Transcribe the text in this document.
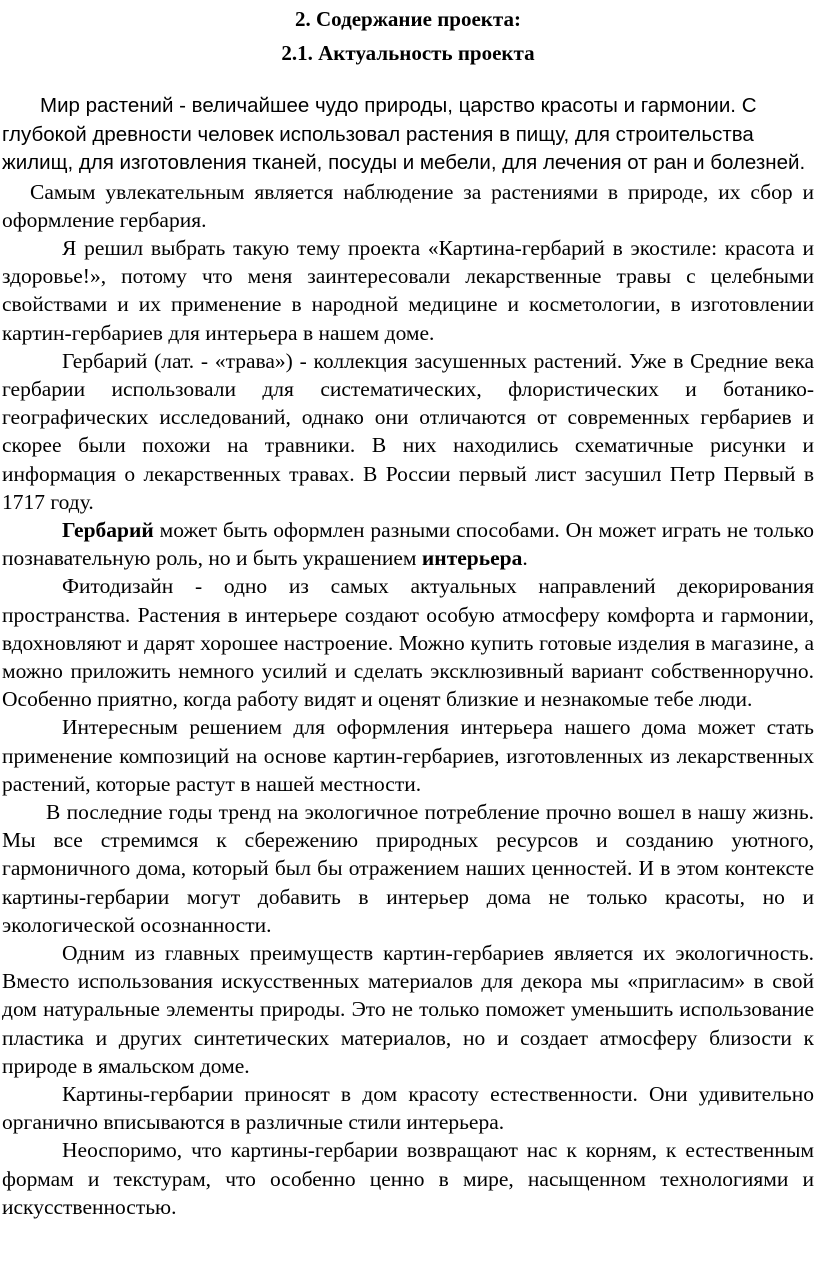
2. Содержание проекта:
2.1. Актуальность проекта

Мир растений - величайшее чудо природы, царство красоты и гармонии. С глубокой древности человек использовал растения в пищу, для строительства жилищ, для изготовления тканей, посуды и мебели, для лечения от ран и болезней.

Самым увлекательным является наблюдение за растениями в природе, их сбор и оформление гербария.

Я решил выбрать такую тему проекта «Картина-гербарий в экостиле: красота и здоровье!», потому что меня заинтересовали лекарственные травы с целебными свойствами и их применение в народной медицине и косметологии, в изготовлении картин-гербариев для интерьера в нашем доме.

Гербарий (лат. - «трава») - коллекция засушенных растений. Уже в Средние века гербарии использовали для систематических, флористических и ботанико-географических исследований, однако они отличаются от современных гербариев и скорее были похожи на травники. В них находились схематичные рисунки и информация о лекарственных травах. В России первый лист засушил Петр Первый в 1717 году.

Гербарий может быть оформлен разными способами. Он может играть не только познавательную роль, но и быть украшением интерьера.

Фитодизайн - одно из самых актуальных направлений декорирования пространства. Растения в интерьере создают особую атмосферу комфорта и гармонии, вдохновляют и дарят хорошее настроение. Можно купить готовые изделия в магазине, а можно приложить немного усилий и сделать эксклюзивный вариант собственноручно. Особенно приятно, когда работу видят и оценят близкие и незнакомые тебе люди.

Интересным решением для оформления интерьера нашего дома может стать применение композиций на основе картин-гербариев, изготовленных из лекарственных растений, которые растут в нашей местности.

В последние годы тренд на экологичное потребление прочно вошел в нашу жизнь. Мы все стремимся к сбережению природных ресурсов и созданию уютного, гармоничного дома, который был бы отражением наших ценностей. И в этом контексте картины-гербарии могут добавить в интерьер дома не только красоты, но и экологической осознанности.

Одним из главных преимуществ картин-гербариев является их экологичность. Вместо использования искусственных материалов для декора мы «пригласим» в свой дом натуральные элементы природы. Это не только поможет уменьшить использование пластика и других синтетических материалов, но и создает атмосферу близости к природе в ямальском доме.

Картины-гербарии приносят в дом красоту естественности. Они удивительно органично вписываются в различные стили интерьера.

Неоспоримо, что картины-гербарии возвращают нас к корням, к естественным формам и текстурам, что особенно ценно в мире, насыщенном технологиями и искусственностью.
